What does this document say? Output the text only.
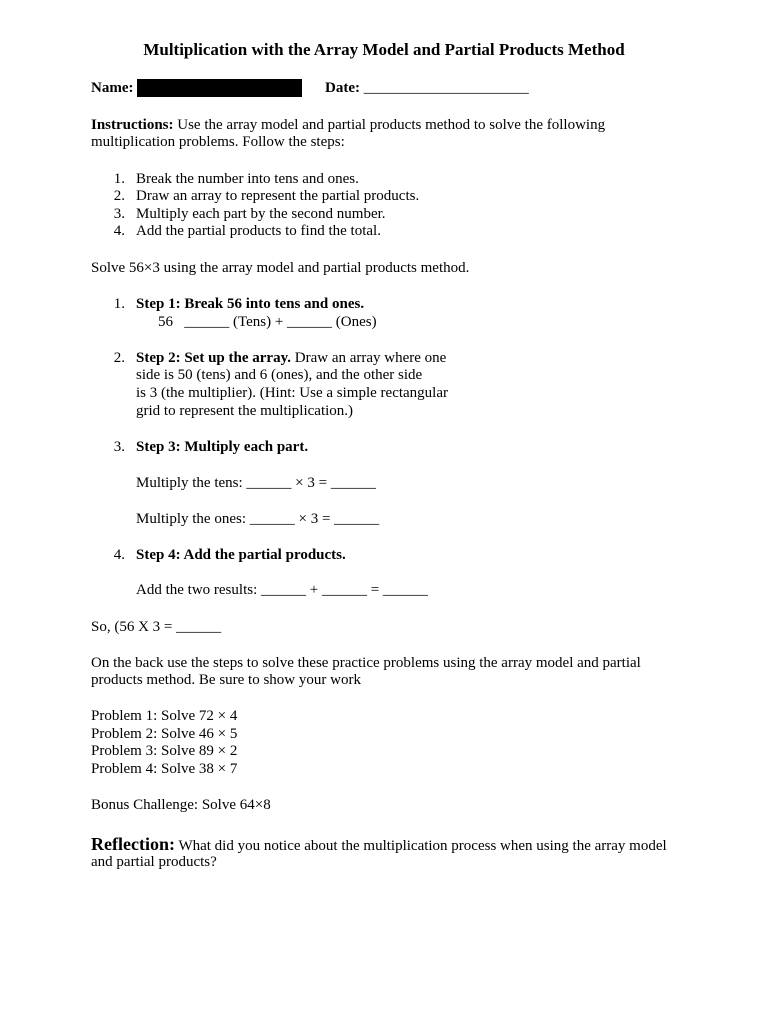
Multiplication with the Array Model and Partial Products Method
Name:	Date: ______________________
Instructions: Use the array model and partial products method to solve the following
multiplication problems. Follow the steps:
1. Break the number into tens and ones.
2. Draw an array to represent the partial products.
3. Multiply each part by the second number.
4. Add the partial products to find the total.
Solve 56×3 using the array model and partial products method.
1. Step 1: Break 56 into tens and ones.
56   ______ (Tens) + ______ (Ones)
2. Step 2: Set up the array. Draw an array where one
side is 50 (tens) and 6 (ones), and the other side
is 3 (the multiplier). (Hint: Use a simple rectangular
grid to represent the multiplication.)
3. Step 3: Multiply each part.
Multiply the tens: ______ × 3 = ______
Multiply the ones: ______ × 3 = ______
4. Step 4: Add the partial products.
Add the two results: ______ + ______ = ______
So, (56 X 3 = ______
On the back use the steps to solve these practice problems using the array model and partial
products method. Be sure to show your work
Problem 1: Solve 72 × 4
Problem 2: Solve 46 × 5
Problem 3: Solve 89 × 2
Problem 4: Solve 38 × 7
Bonus Challenge: Solve 64×8
Reflection: What did you notice about the multiplication process when using the array model
and partial products?
